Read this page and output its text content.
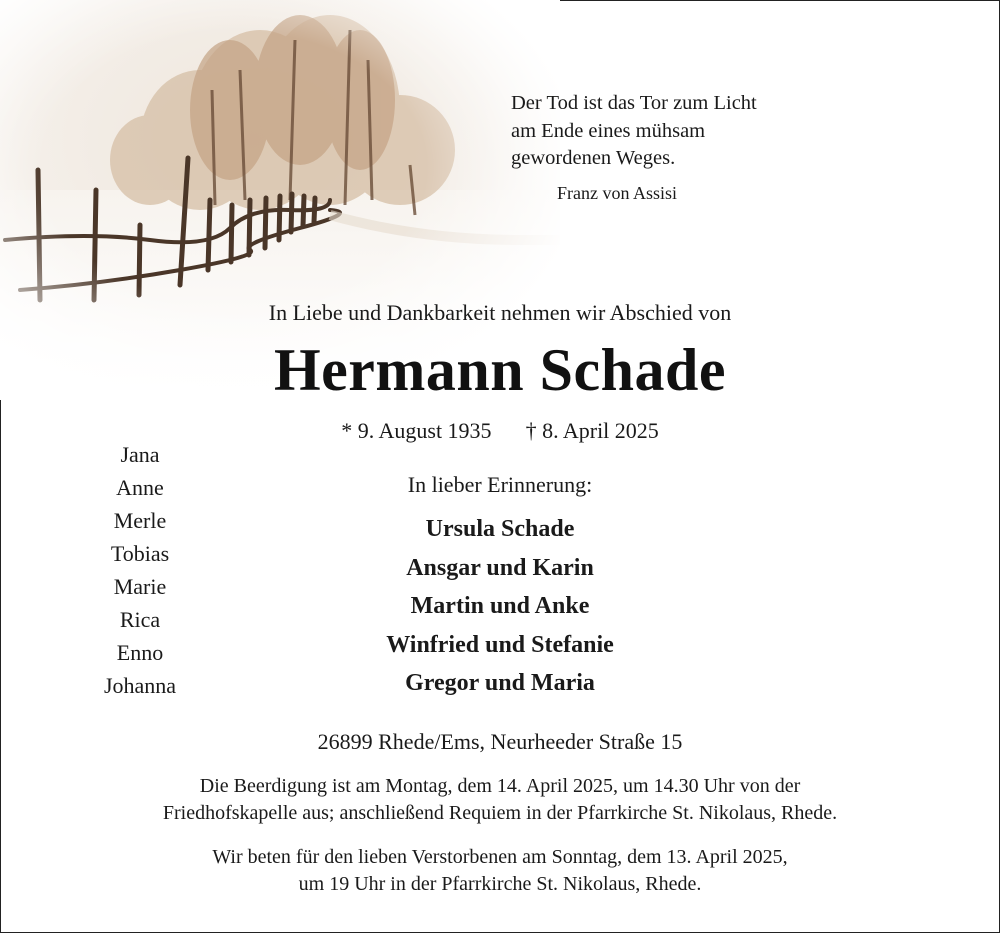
Der Tod ist das Tor zum Licht
am Ende eines mühsam
gewordenen Weges.
Franz von Assisi
In Liebe und Dankbarkeit nehmen wir Abschied von
Hermann Schade
* 9. August 1935 † 8. April 2025
Jana
Anne
Merle
Tobias
Marie
Rica
Enno
Johanna
In lieber Erinnerung:
Ursula Schade
Ansgar und Karin
Martin und Anke
Winfried und Stefanie
Gregor und Maria
26899 Rhede/Ems, Neurheeder Straße 15
Die Beerdigung ist am Montag, dem 14. April 2025, um 14.30 Uhr von der
Friedhofskapelle aus; anschließend Requiem in der Pfarrkirche St. Nikolaus, Rhede.
Wir beten für den lieben Verstorbenen am Sonntag, dem 13. April 2025,
um 19 Uhr in der Pfarrkirche St. Nikolaus, Rhede.
